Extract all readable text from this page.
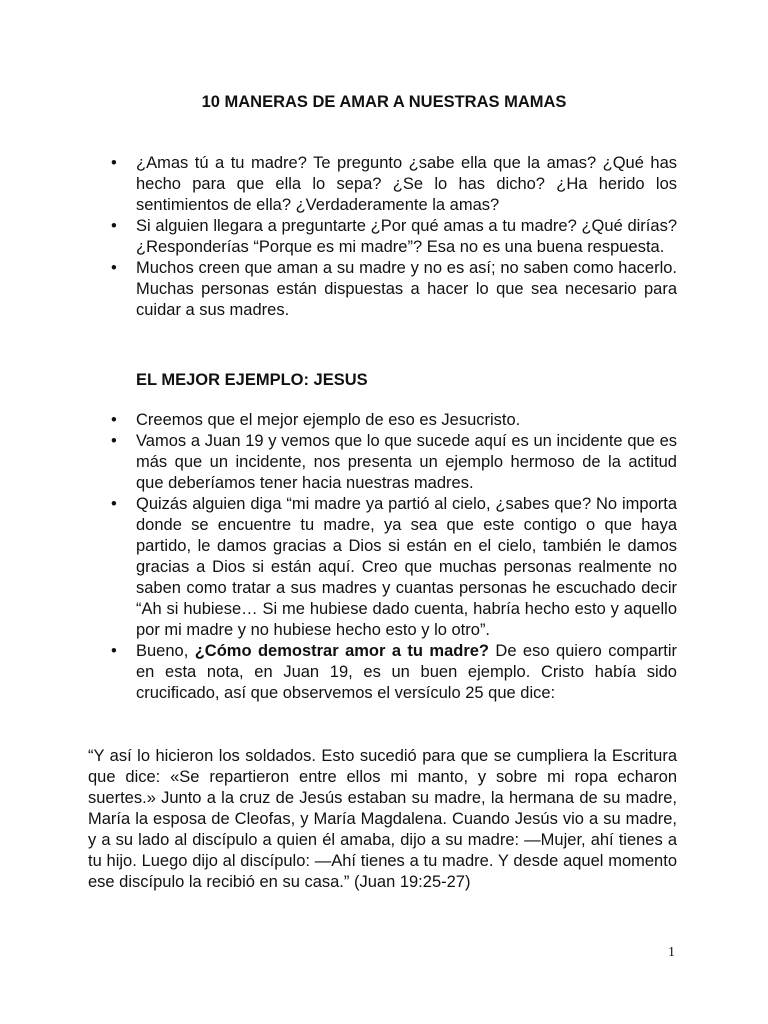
10 MANERAS DE AMAR A NUESTRAS MAMAS
• ¿Amas tú a tu madre? Te pregunto ¿sabe ella que la amas? ¿Qué has hecho para que ella lo sepa? ¿Se lo has dicho? ¿Ha herido los sentimientos de ella? ¿Verdaderamente la amas?
• Si alguien llegara a preguntarte ¿Por qué amas a tu madre? ¿Qué dirías? ¿Responderías “Porque es mi madre”? Esa no es una buena respuesta.
• Muchos creen que aman a su madre y no es así; no saben como hacerlo. Muchas personas están dispuestas a hacer lo que sea necesario para cuidar a sus madres.
EL MEJOR EJEMPLO: JESUS
• Creemos que el mejor ejemplo de eso es Jesucristo.
• Vamos a Juan 19 y vemos que lo que sucede aquí es un incidente que es más que un incidente, nos presenta un ejemplo hermoso de la actitud que deberíamos tener hacia nuestras madres.
• Quizás alguien diga “mi madre ya partió al cielo, ¿sabes que? No importa donde se encuentre tu madre, ya sea que este contigo o que haya partido, le damos gracias a Dios si están en el cielo, también le damos gracias a Dios si están aquí. Creo que muchas personas realmente no saben como tratar a sus madres y cuantas personas he escuchado decir “Ah si hubiese… Si me hubiese dado cuenta, habría hecho esto y aquello por mi madre y no hubiese hecho esto y lo otro”.
• Bueno, ¿Cómo demostrar amor a tu madre? De eso quiero compartir en esta nota, en Juan 19, es un buen ejemplo. Cristo había sido crucificado, así que observemos el versículo 25 que dice:
“Y así lo hicieron los soldados. Esto sucedió para que se cumpliera la Escritura que dice: «Se repartieron entre ellos mi manto, y sobre mi ropa echaron suertes.» Junto a la cruz de Jesús estaban su madre, la hermana de su madre, María la esposa de Cleofas, y María Magdalena. Cuando Jesús vio a su madre, y a su lado al discípulo a quien él amaba, dijo a su madre: —Mujer, ahí tienes a tu hijo. Luego dijo al discípulo: —Ahí tienes a tu madre. Y desde aquel momento ese discípulo la recibió en su casa.” (Juan 19:25-27)
1
